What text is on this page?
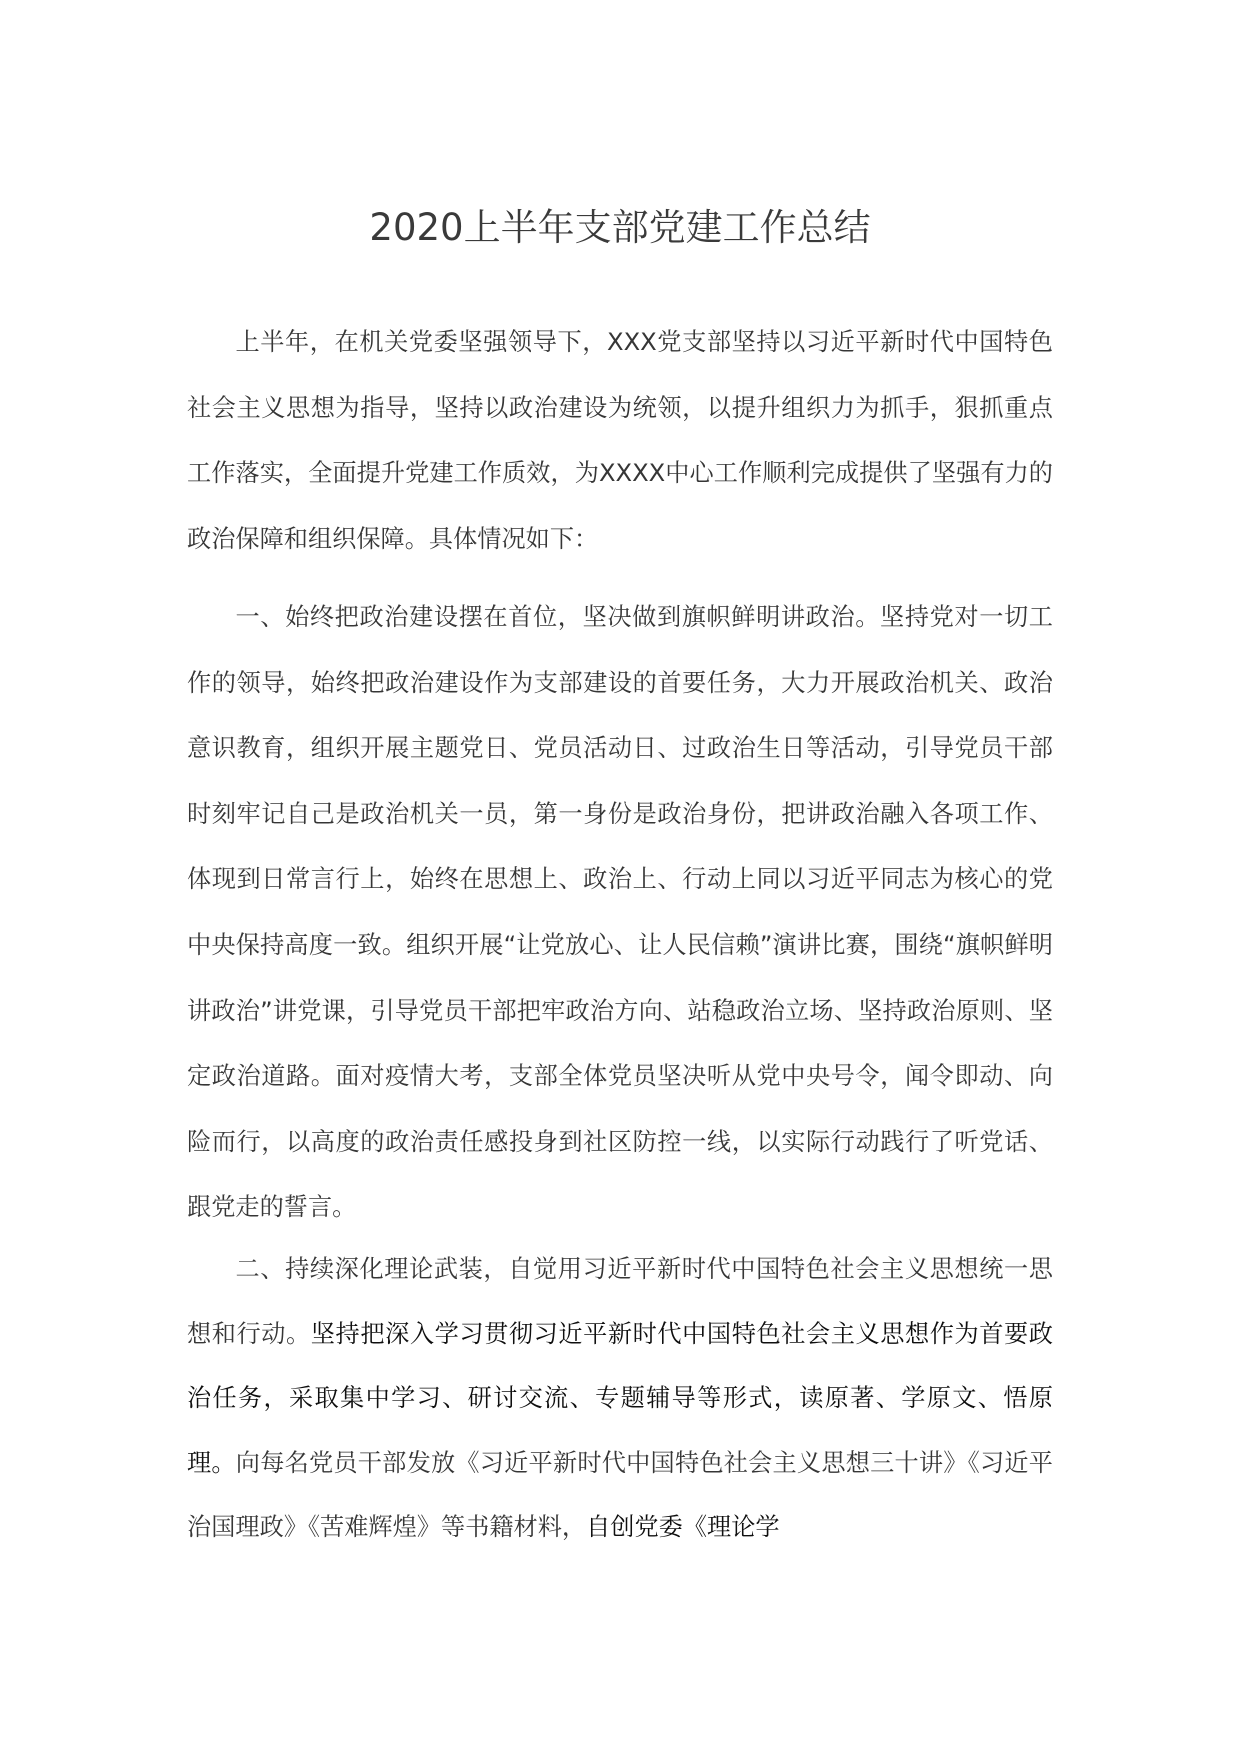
2020上半年支部党建工作总结

上半年，在机关党委坚强领导下，XXX党支部坚持以习近平新时代中国特色社会主义思想为指导，坚持以政治建设为统领，以提升组织力为抓手，狠抓重点工作落实，全面提升党建工作质效，为XXXX中心工作顺利完成提供了坚强有力的政治保障和组织保障。具体情况如下：

一、始终把政治建设摆在首位，坚决做到旗帜鲜明讲政治。坚持党对一切工作的领导，始终把政治建设作为支部建设的首要任务，大力开展政治机关、政治意识教育，组织开展主题党日、党员活动日、过政治生日等活动，引导党员干部时刻牢记自己是政治机关一员，第一身份是政治身份，把讲政治融入各项工作、体现到日常言行上，始终在思想上、政治上、行动上同以习近平同志为核心的党中央保持高度一致。组织开展“让党放心、让人民信赖”演讲比赛，围绕“旗帜鲜明讲政治”讲党课，引导党员干部把牢政治方向、站稳政治立场、坚持政治原则、坚定政治道路。面对疫情大考，支部全体党员坚决听从党中央号令，闻令即动、向险而行，以高度的政治责任感投身到社区防控一线，以实际行动践行了听党话、跟党走的誓言。

二、持续深化理论武装，自觉用习近平新时代中国特色社会主义思想统一思想和行动。坚持把深入学习贯彻习近平新时代中国特色社会主义思想作为首要政治任务，采取集中学习、研讨交流、专题辅导等形式，读原著、学原文、悟原理。向每名党员干部发放《习近平新时代中国特色社会主义思想三十讲》《习近平治国理政》《苦难辉煌》等书籍材料，自创党委《理论学
